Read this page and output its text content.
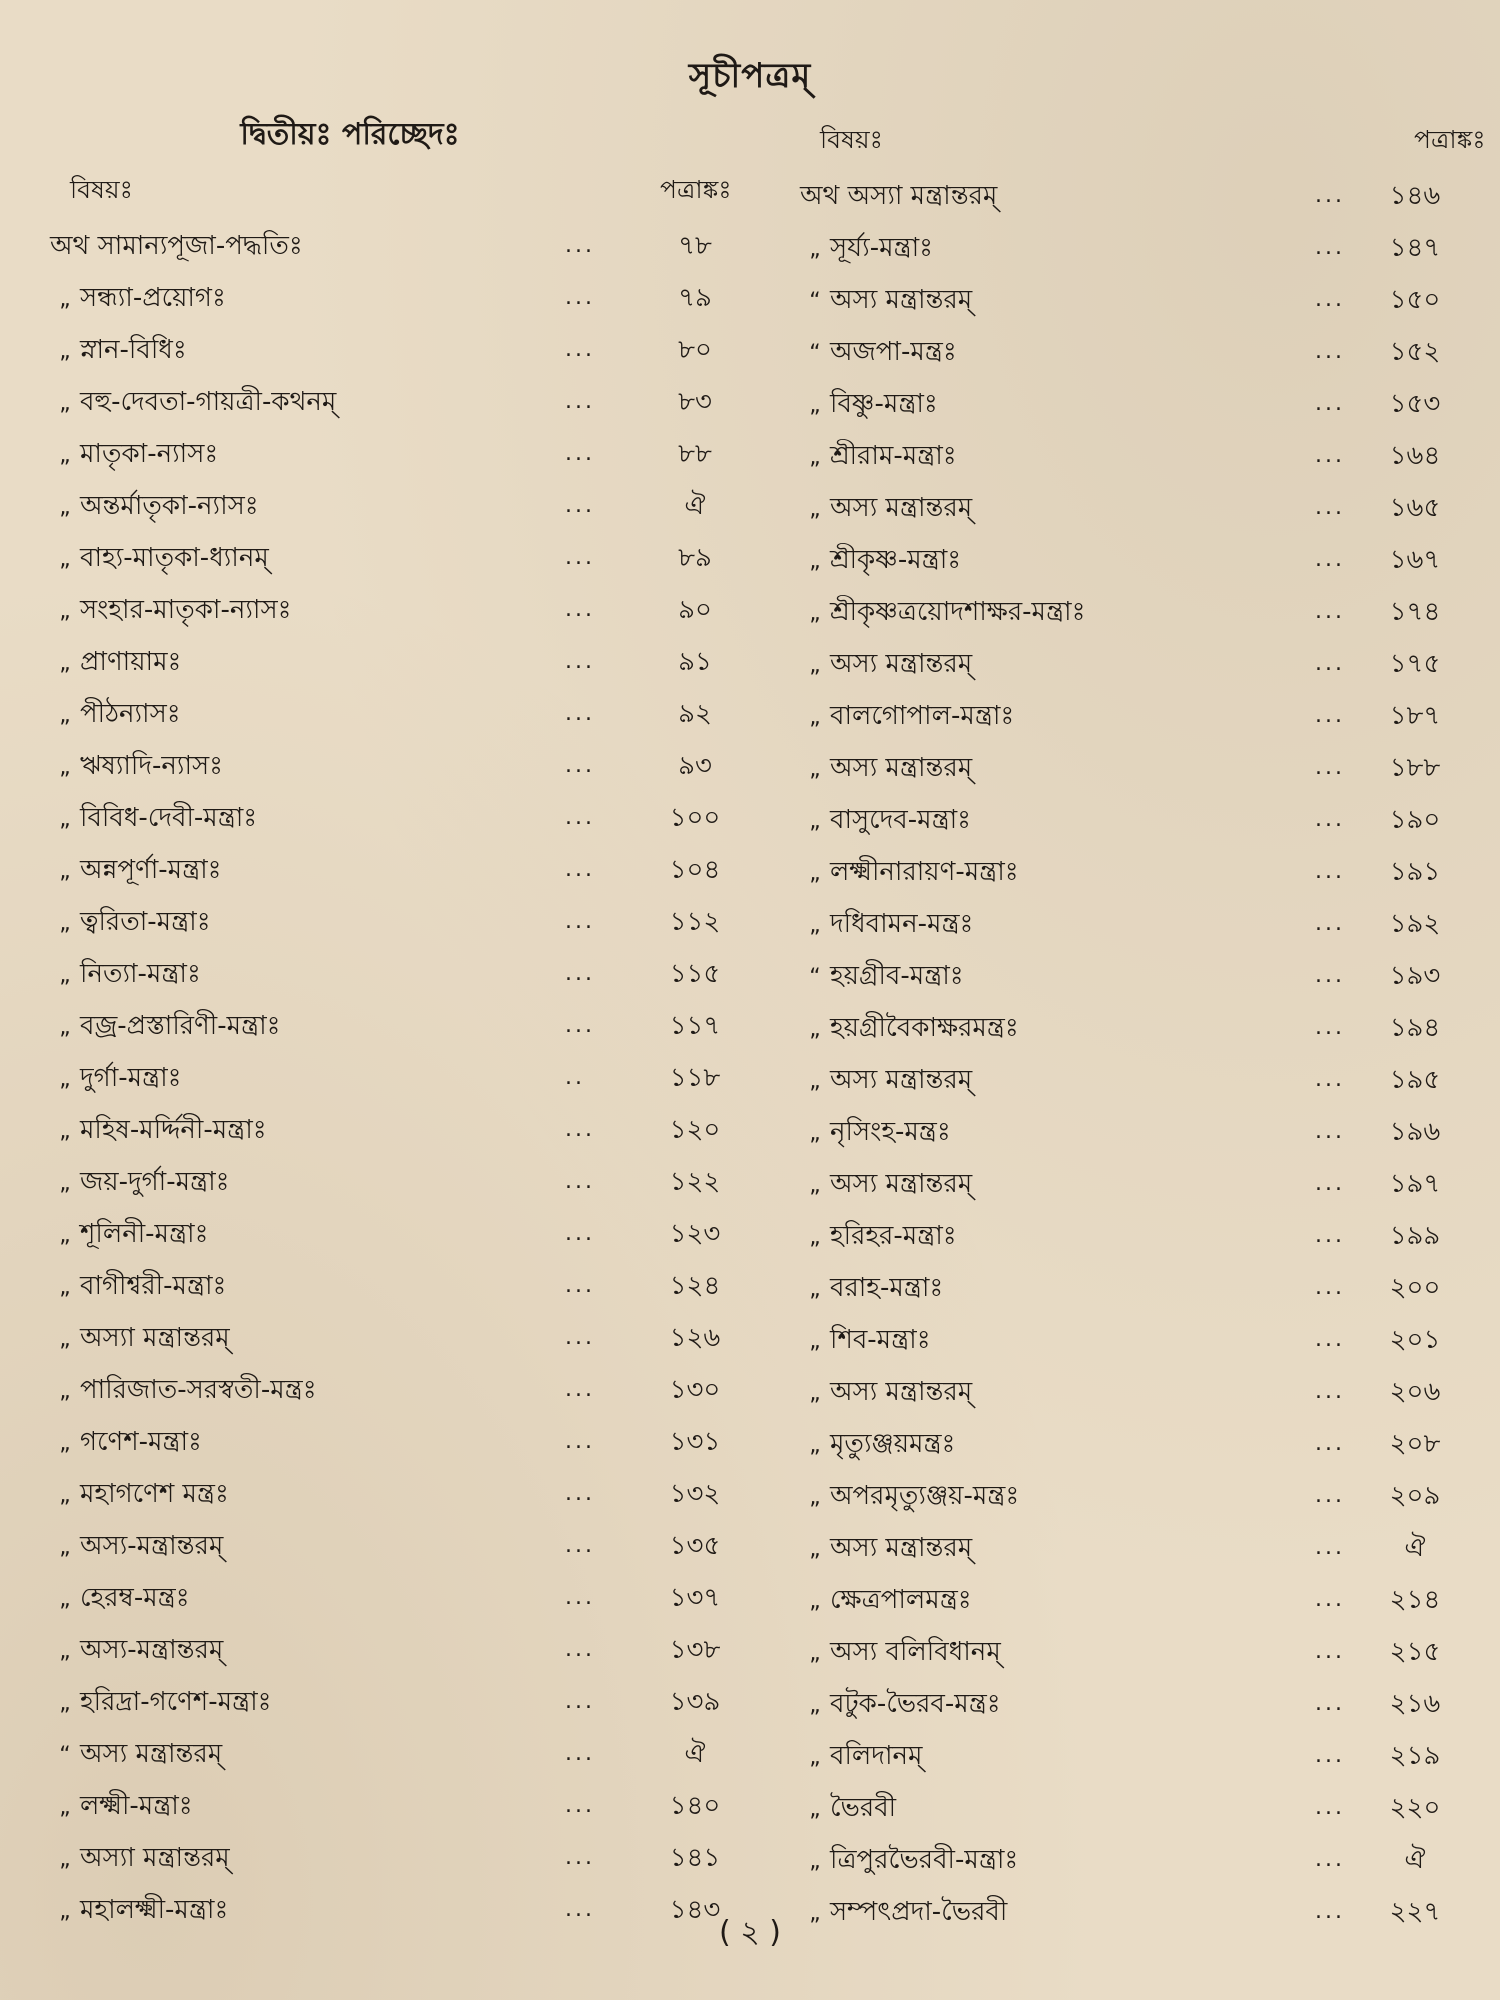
সূচীপত্রম্
দ্বিতীয়ঃ পরিচ্ছেদঃ
বিষয়ঃ	পত্রাঙ্কঃ
অথ সামান্যপূজা-পদ্ধতিঃ	...	৭৮
„ সন্ধ্যা-প্রয়োগঃ	...	৭৯
„ স্নান-বিধিঃ	...	৮০
„ বহু-দেবতা-গায়ত্রী-কথনম্	...	৮৩
„ মাতৃকা-ন্যাসঃ	...	৮৮
„ অন্তর্মাতৃকা-ন্যাসঃ	...	ঐ
„ বাহ্য-মাতৃকা-ধ্যানম্	...	৮৯
„ সংহার-মাতৃকা-ন্যাসঃ	...	৯০
„ প্রাণায়ামঃ	...	৯১
„ পীঠন্যাসঃ	...	৯২
„ ঋষ্যাদি-ন্যাসঃ	...	৯৩
„ বিবিধ-দেবী-মন্ত্রাঃ	...	১০০
„ অন্নপূর্ণা-মন্ত্রাঃ	...	১০৪
„ ত্বরিতা-মন্ত্রাঃ	...	১১২
„ নিত্যা-মন্ত্রাঃ	...	১১৫
„ বজ্র-প্রস্তারিণী-মন্ত্রাঃ	...	১১৭
„ দুর্গা-মন্ত্রাঃ	..	১১৮
„ মহিষ-মর্দ্দিনী-মন্ত্রাঃ	...	১২০
„ জয়-দুর্গা-মন্ত্রাঃ	...	১২২
„ শূলিনী-মন্ত্রাঃ	...	১২৩
„ বাগীশ্বরী-মন্ত্রাঃ	...	১২৪
„ অস্যা মন্ত্রান্তরম্	...	১২৬
„ পারিজাত-সরস্বতী-মন্ত্রঃ	...	১৩০
„ গণেশ-মন্ত্রাঃ	...	১৩১
„ মহাগণেশ মন্ত্রঃ	...	১৩২
„ অস্য-মন্ত্রান্তরম্	...	১৩৫
„ হেরম্ব-মন্ত্রঃ	...	১৩৭
„ অস্য-মন্ত্রান্তরম্	...	১৩৮
„ হরিদ্রা-গণেশ-মন্ত্রাঃ	...	১৩৯
“ অস্য মন্ত্রান্তরম্	...	ঐ
„ লক্ষ্মী-মন্ত্রাঃ	...	১৪০
„ অস্যা মন্ত্রান্তরম্	...	১৪১
„ মহালক্ষ্মী-মন্ত্রাঃ	...	১৪৩
বিষয়ঃ	পত্রাঙ্কঃ
অথ অস্যা মন্ত্রান্তরম্	...	১৪৬
„ সূর্য্য-মন্ত্রাঃ	...	১৪৭
“ অস্য মন্ত্রান্তরম্	...	১৫০
“ অজপা-মন্ত্রঃ	...	১৫২
„ বিষ্ণু-মন্ত্রাঃ	...	১৫৩
„ শ্রীরাম-মন্ত্রাঃ	...	১৬৪
„ অস্য মন্ত্রান্তরম্	...	১৬৫
„ শ্রীকৃষ্ণ-মন্ত্রাঃ	...	১৬৭
„ শ্রীকৃষ্ণত্রয়োদশাক্ষর-মন্ত্রাঃ	...	১৭৪
„ অস্য মন্ত্রান্তরম্	...	১৭৫
„ বালগোপাল-মন্ত্রাঃ	...	১৮৭
„ অস্য মন্ত্রান্তরম্	...	১৮৮
„ বাসুদেব-মন্ত্রাঃ	...	১৯০
„ লক্ষ্মীনারায়ণ-মন্ত্রাঃ	...	১৯১
„ দধিবামন-মন্ত্রঃ	...	১৯২
“ হয়গ্রীব-মন্ত্রাঃ	...	১৯৩
„ হয়গ্রীবৈকাক্ষরমন্ত্রঃ	...	১৯৪
„ অস্য মন্ত্রান্তরম্	...	১৯৫
„ নৃসিংহ-মন্ত্রঃ	...	১৯৬
„ অস্য মন্ত্রান্তরম্	...	১৯৭
„ হরিহর-মন্ত্রাঃ	...	১৯৯
„ বরাহ-মন্ত্রাঃ	...	২০০
„ শিব-মন্ত্রাঃ	...	২০১
„ অস্য মন্ত্রান্তরম্	...	২০৬
„ মৃত্যুঞ্জয়মন্ত্রঃ	...	২০৮
„ অপরমৃত্যুঞ্জয়-মন্ত্রঃ	...	২০৯
„ অস্য মন্ত্রান্তরম্	...	ঐ
„ ক্ষেত্রপালমন্ত্রঃ	...	২১৪
„ অস্য বলিবিধানম্	...	২১৫
„ বটুক-ভৈরব-মন্ত্রঃ	...	২১৬
„ বলিদানম্	...	২১৯
„ ভৈরবী	...	২২০
„ ত্রিপুরভৈরবী-মন্ত্রাঃ	...	ঐ
„ সম্পৎপ্রদা-ভৈরবী	...	২২৭
( ২ )
